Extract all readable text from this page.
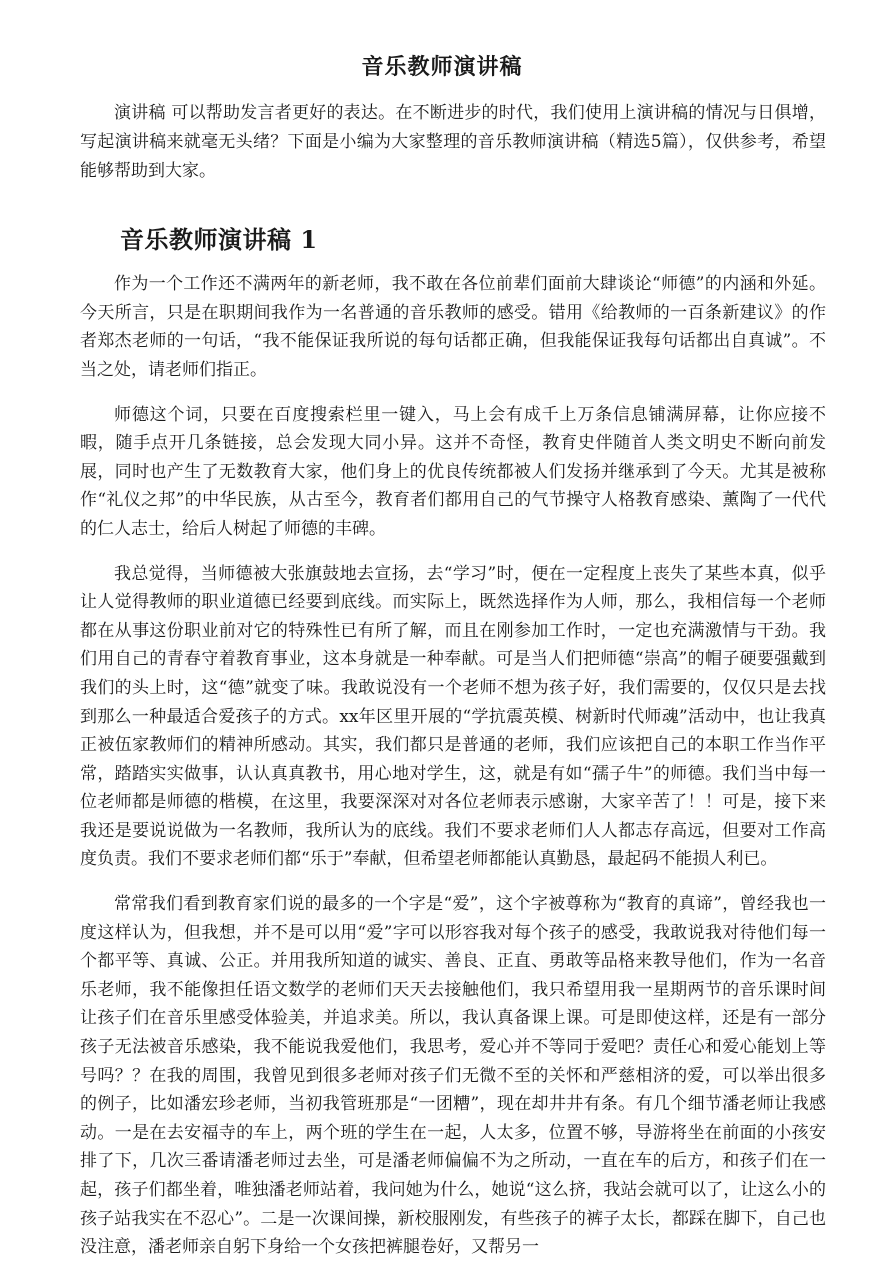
音乐教师演讲稿

演讲稿 可以帮助发言者更好的表达。在不断进步的时代，我们使用上演讲稿的情况与日俱增，写起演讲稿来就毫无头绪？下面是小编为大家整理的音乐教师演讲稿（精选5篇），仅供参考，希望能够帮助到大家。

音乐教师演讲稿 1

作为一个工作还不满两年的新老师，我不敢在各位前辈们面前大肆谈论“师德”的内涵和外延。今天所言，只是在职期间我作为一名普通的音乐教师的感受。错用《给教师的一百条新建议》的作者郑杰老师的一句话，“我不能保证我所说的每句话都正确，但我能保证我每句话都出自真诚”。不当之处，请老师们指正。

师德这个词，只要在百度搜索栏里一键入，马上会有成千上万条信息铺满屏幕，让你应接不暇，随手点开几条链接，总会发现大同小异。这并不奇怪，教育史伴随首人类文明史不断向前发展，同时也产生了无数教育大家，他们身上的优良传统都被人们发扬并继承到了今天。尤其是被称作“礼仪之邦”的中华民族，从古至今，教育者们都用自己的气节操守人格教育感染、薰陶了一代代的仁人志士，给后人树起了师德的丰碑。

我总觉得，当师德被大张旗鼓地去宣扬，去“学习”时，便在一定程度上丧失了某些本真，似乎让人觉得教师的职业道德已经要到底线。而实际上，既然选择作为人师，那么，我相信每一个老师都在从事这份职业前对它的特殊性已有所了解，而且在刚参加工作时，一定也充满激情与干劲。我们用自己的青春守着教育事业，这本身就是一种奉献。可是当人们把师德“崇高”的帽子硬要强戴到我们的头上时，这“德”就变了味。我敢说没有一个老师不想为孩子好，我们需要的，仅仅只是去找到那么一种最适合爱孩子的方式。xx年区里开展的“学抗震英模、树新时代师魂”活动中，也让我真正被伍家教师们的精神所感动。其实，我们都只是普通的老师，我们应该把自己的本职工作当作平常，踏踏实实做事，认认真真教书，用心地对学生，这，就是有如“孺子牛”的师德。我们当中每一位老师都是师德的楷模，在这里，我要深深对对各位老师表示感谢，大家辛苦了！！可是，接下来我还是要说说做为一名教师，我所认为的底线。我们不要求老师们人人都志存高远，但要对工作高度负责。我们不要求老师们都“乐于”奉献，但希望老师都能认真勤恳，最起码不能损人利已。

常常我们看到教育家们说的最多的一个字是“爱”，这个字被尊称为“教育的真谛”，曾经我也一度这样认为，但我想，并不是可以用“爱”字可以形容我对每个孩子的感受，我敢说我对待他们每一个都平等、真诚、公正。并用我所知道的诚实、善良、正直、勇敢等品格来教导他们，作为一名音乐老师，我不能像担任语文数学的老师们天天去接触他们，我只希望用我一星期两节的音乐课时间让孩子们在音乐里感受体验美，并追求美。所以，我认真备课上课。可是即使这样，还是有一部分孩子无法被音乐感染，我不能说我爱他们，我思考，爱心并不等同于爱吧？责任心和爱心能划上等号吗？？在我的周围，我曾见到很多老师对孩子们无微不至的关怀和严慈相济的爱，可以举出很多的例子，比如潘宏珍老师，当初我管班那是“一团糟”，现在却井井有条。有几个细节潘老师让我感动。一是在去安福寺的车上，两个班的学生在一起，人太多，位置不够，导游将坐在前面的小孩安排了下，几次三番请潘老师过去坐，可是潘老师偏偏不为之所动，一直在车的后方，和孩子们在一起，孩子们都坐着，唯独潘老师站着，我问她为什么，她说“这么挤，我站会就可以了，让这么小的孩子站我实在不忍心”。二是一次课间操，新校服刚发，有些孩子的裤子太长，都踩在脚下，自己也没注意，潘老师亲自躬下身给一个女孩把裤腿卷好，又帮另一
